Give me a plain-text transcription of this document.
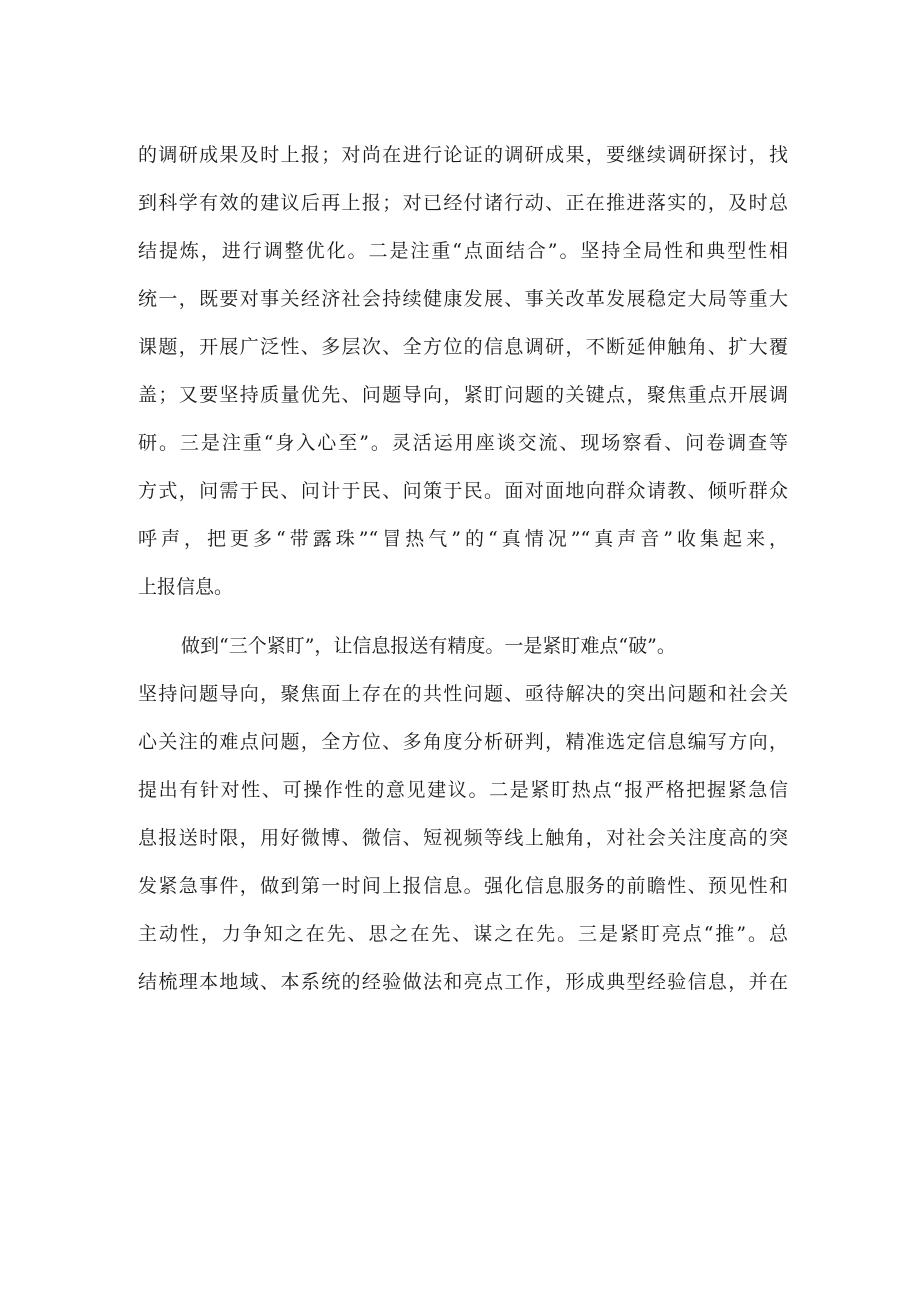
的调研成果及时上报；对尚在进行论证的调研成果，要继续调研探讨，找
到科学有效的建议后再上报；对已经付诸行动、正在推进落实的，及时总
结提炼，进行调整优化。二是注重“点面结合”。坚持全局性和典型性相
统一，既要对事关经济社会持续健康发展、事关改革发展稳定大局等重大
课题，开展广泛性、多层次、全方位的信息调研，不断延伸触角、扩大覆
盖；又要坚持质量优先、问题导向，紧盯问题的关键点，聚焦重点开展调
研。三是注重“身入心至”。灵活运用座谈交流、现场察看、问卷调查等
方式，问需于民、问计于民、问策于民。面对面地向群众请教、倾听群众
呼声，把更多“带露珠”“冒热气”的“真情况”“真声音”收集起来，
上报信息。
做到“三个紧盯”，让信息报送有精度。一是紧盯难点“破”。
坚持问题导向，聚焦面上存在的共性问题、亟待解决的突出问题和社会关
心关注的难点问题，全方位、多角度分析研判，精准选定信息编写方向，
提出有针对性、可操作性的意见建议。二是紧盯热点“报严格把握紧急信
息报送时限，用好微博、微信、短视频等线上触角，对社会关注度高的突
发紧急事件，做到第一时间上报信息。强化信息服务的前瞻性、预见性和
主动性，力争知之在先、思之在先、谋之在先。三是紧盯亮点“推”。总
结梳理本地域、本系统的经验做法和亮点工作，形成典型经验信息，并在
